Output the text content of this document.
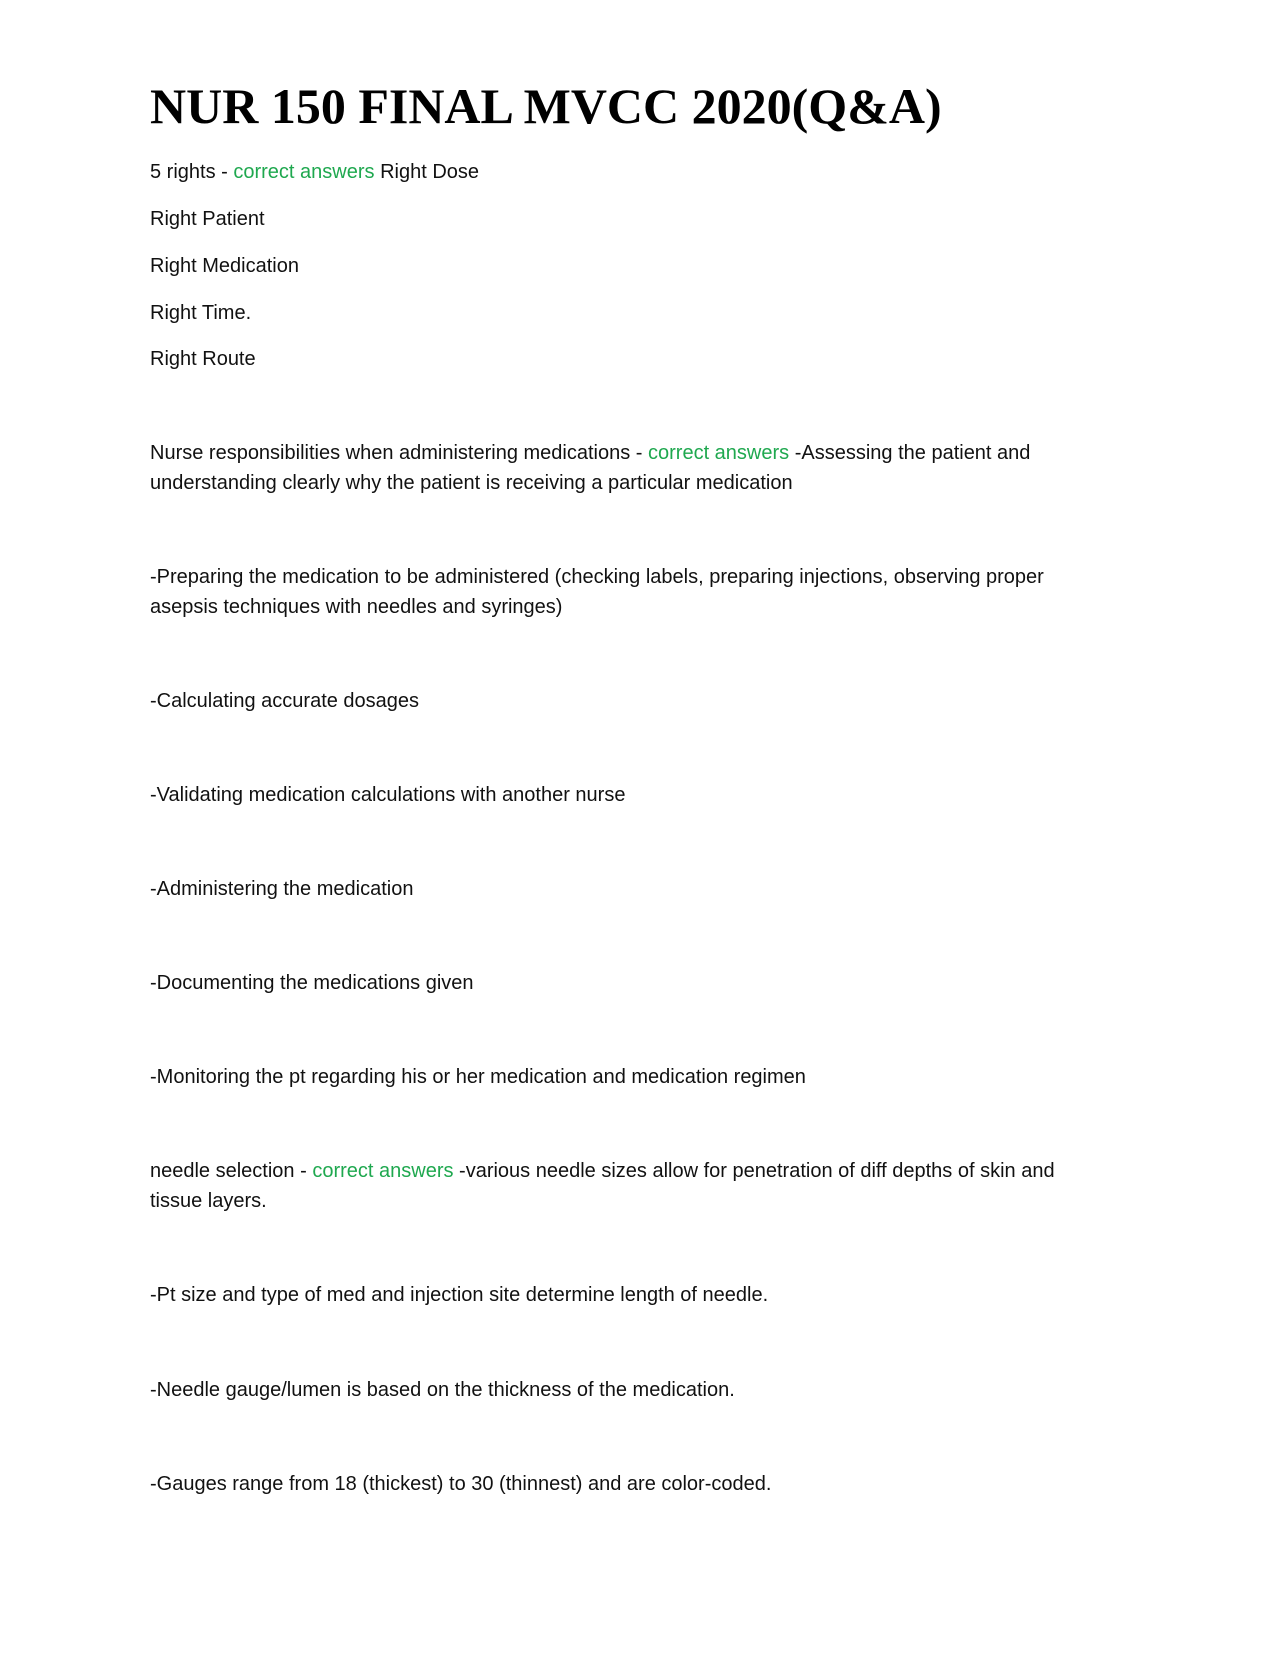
NUR 150 FINAL MVCC 2020(Q&A)

5 rights - correct answers Right Dose

Right Patient

Right Medication

Right Time.

Right Route

Nurse responsibilities when administering medications - correct answers -Assessing the patient and understanding clearly why the patient is receiving a particular medication

-Preparing the medication to be administered (checking labels, preparing injections, observing proper asepsis techniques with needles and syringes)

-Calculating accurate dosages

-Validating medication calculations with another nurse

-Administering the medication

-Documenting the medications given

-Monitoring the pt regarding his or her medication and medication regimen

needle selection - correct answers -various needle sizes allow for penetration of diff depths of skin and tissue layers.

-Pt size and type of med and injection site determine length of needle.

-Needle gauge/lumen is based on the thickness of the medication.

-Gauges range from 18 (thickest) to 30 (thinnest) and are color-coded.
